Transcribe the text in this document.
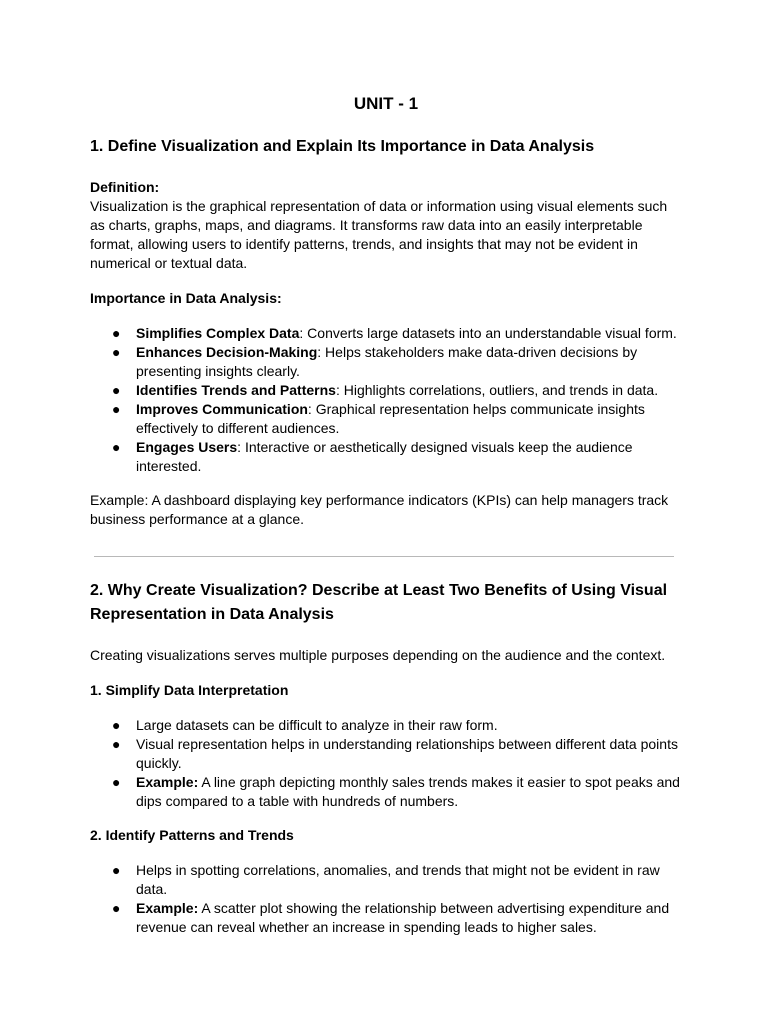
UNIT - 1
1. Define Visualization and Explain Its Importance in Data Analysis
Definition:

Visualization is the graphical representation of data or information using visual elements such as charts, graphs, maps, and diagrams. It transforms raw data into an easily interpretable format, allowing users to identify patterns, trends, and insights that may not be evident in numerical or textual data.

Importance in Data Analysis:
● Simplifies Complex Data: Converts large datasets into an understandable visual form.
● Enhances Decision-Making: Helps stakeholders make data-driven decisions by presenting insights clearly.
● Identifies Trends and Patterns: Highlights correlations, outliers, and trends in data.
● Improves Communication: Graphical representation helps communicate insights effectively to different audiences.
● Engages Users: Interactive or aesthetically designed visuals keep the audience interested.

Example: A dashboard displaying key performance indicators (KPIs) can help managers track business performance at a glance.

2. Why Create Visualization? Describe at Least Two Benefits of Using Visual Representation in Data Analysis

Creating visualizations serves multiple purposes depending on the audience and the context.

1. Simplify Data Interpretation
● Large datasets can be difficult to analyze in their raw form.
● Visual representation helps in understanding relationships between different data points quickly.
● Example: A line graph depicting monthly sales trends makes it easier to spot peaks and dips compared to a table with hundreds of numbers.
2. Identify Patterns and Trends
● Helps in spotting correlations, anomalies, and trends that might not be evident in raw data.
● Example: A scatter plot showing the relationship between advertising expenditure and revenue can reveal whether an increase in spending leads to higher sales.
